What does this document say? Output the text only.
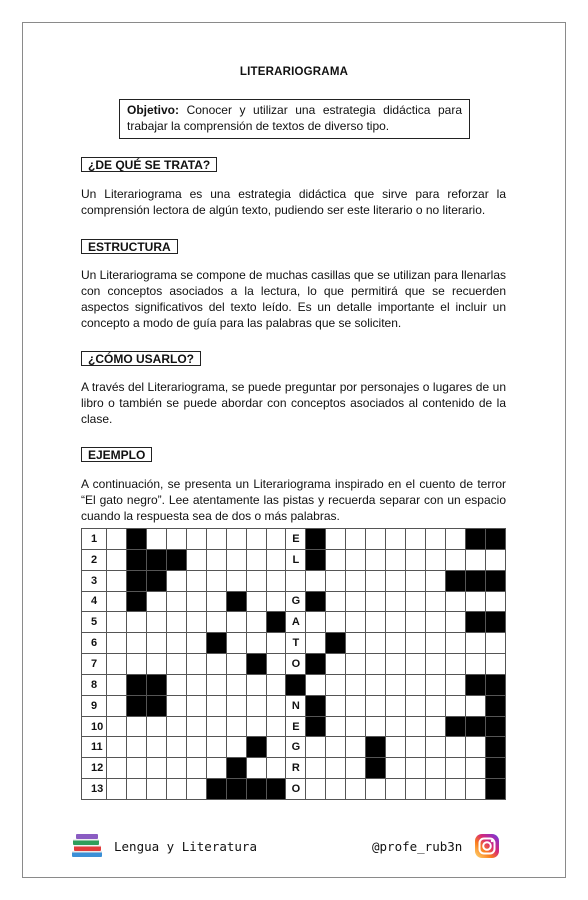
LITERARIOGRAMA
Objetivo: Conocer y utilizar una estrategia didáctica para trabajar la comprensión de textos de diverso tipo.
¿DE QUÉ SE TRATA?
Un Literariograma es una estrategia didáctica que sirve para reforzar la comprensión lectora de algún texto, pudiendo ser este literario o no literario.
ESTRUCTURA
Un Literariograma se compone de muchas casillas que se utilizan para llenarlas con conceptos asociados a la lectura, lo que permitirá que se recuerden aspectos significativos del texto leído. Es un detalle importante el incluir un concepto a modo de guía para las palabras que se soliciten.
¿CÓMO USARLO?
A través del Literariograma, se puede preguntar por personajes o lugares de un libro o también se puede abordar con conceptos asociados al contenido de la clase.
EJEMPLO
A continuación, se presenta un Literariograma inspirado en el cuento de terror “El gato negro”. Lee atentamente las pistas y recuerda separar con un espacio cuando la respuesta sea de dos o más palabras.
1										E										
2										L										
3																				
4										G										
5										A										
6										T										
7										O										
8																				
9										N										
10										E										
11										G										
12										R										
13										O										
Lengua y Literatura	@profe_rub3n
